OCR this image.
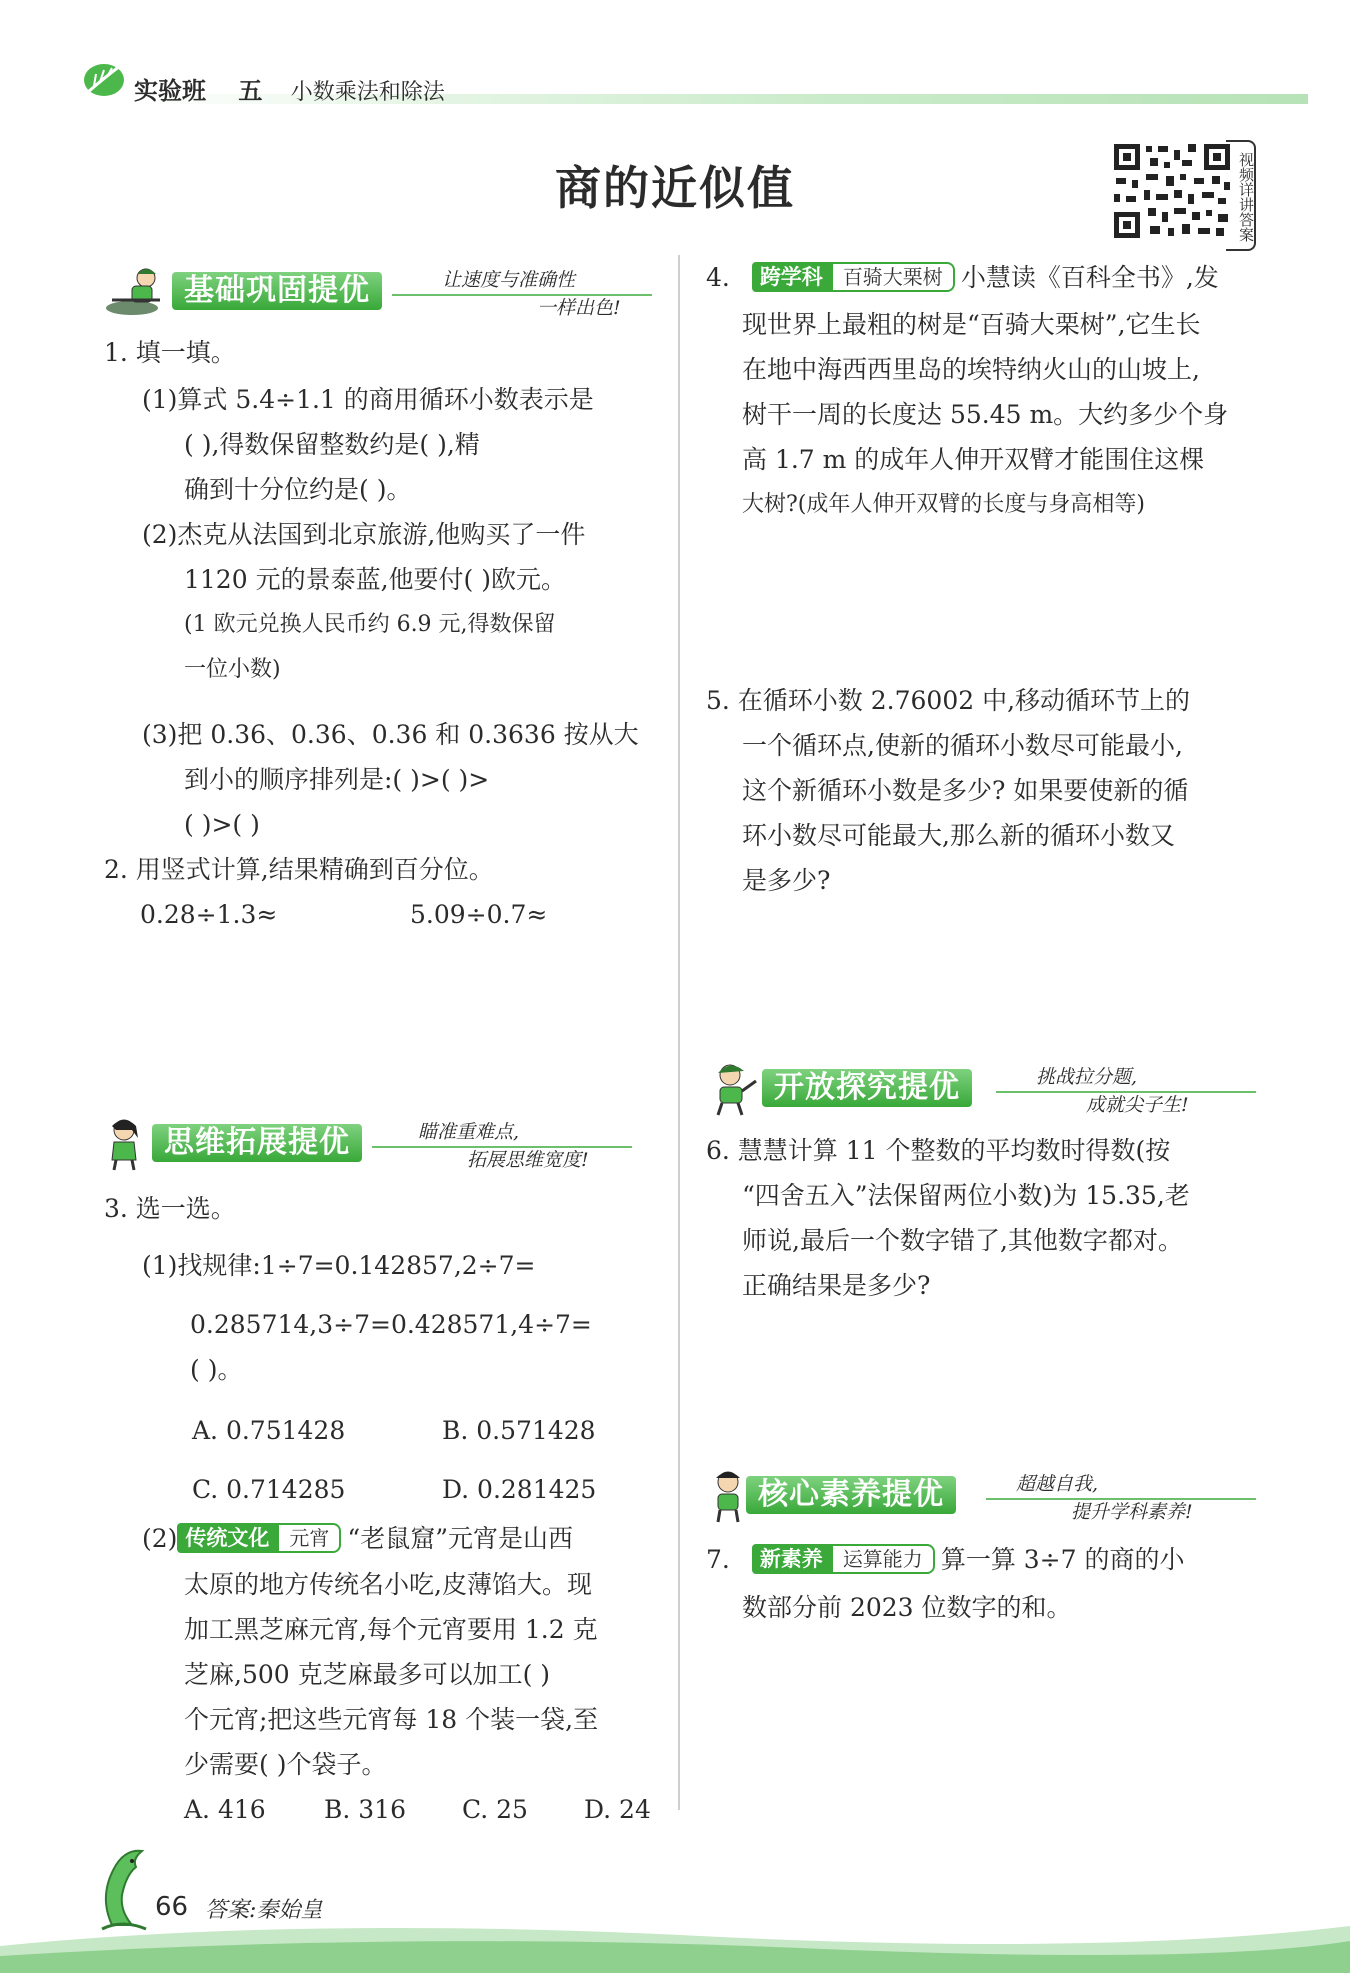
实验班 五 小数乘法和除法
商的近似值	视频详讲答案
基础巩固提优	让速度与准确性
一样出色!
1. 填一填。
(1)算式 5.4÷1.1 的商用循环小数表示是
( ),得数保留整数约是( ),精
确到十分位约是( )。
(2)杰克从法国到北京旅游,他购买了一件
1120 元的景泰蓝,他要付( )欧元。
(1 欧元兑换人民币约 6.9 元,得数保留
一位小数)
(3)把 0.36、0.36、0.36 和 0.3636 按从大
到小的顺序排列是:( )>( )>
( )>( )
2. 用竖式计算,结果精确到百分位。
0.28÷1.3≈	5.09÷0.7≈
思维拓展提优	瞄准重难点,
拓展思维宽度!
3. 选一选。
(1)找规律:1÷7=0.142857,2÷7=
0.285714,3÷7=0.428571,4÷7=
( )。
A. 0.751428	B. 0.571428
C. 0.714285	D. 0.281425
(2) 传统文化 元宵 “老鼠窟”元宵是山西
太原的地方传统名小吃,皮薄馅大。现
加工黑芝麻元宵,每个元宵要用 1.2 克
芝麻,500 克芝麻最多可以加工( )
个元宵;把这些元宵每 18 个装一袋,至
少需要( )个袋子。
A. 416 B. 316 C. 25 D. 24
4. 跨学科 百骑大栗树 小慧读《百科全书》,发
现世界上最粗的树是“百骑大栗树”,它生长
在地中海西西里岛的埃特纳火山的山坡上,
树干一周的长度达 55.45 m。大约多少个身
高 1.7 m 的成年人伸开双臂才能围住这棵
大树?(成年人伸开双臂的长度与身高相等)
5. 在循环小数 2.76002 中,移动循环节上的
一个循环点,使新的循环小数尽可能最小,
这个新循环小数是多少? 如果要使新的循
环小数尽可能最大,那么新的循环小数又
是多少?
开放探究提优	挑战拉分题,
成就尖子生!
6. 慧慧计算 11 个整数的平均数时得数(按
“四舍五入”法保留两位小数)为 15.35,老
师说,最后一个数字错了,其他数字都对。
正确结果是多少?
核心素养提优	超越自我,
提升学科素养!
7. 新素养 运算能力 算一算 3÷7 的商的小
数部分前 2023 位数字的和。
66 答案:秦始皇
